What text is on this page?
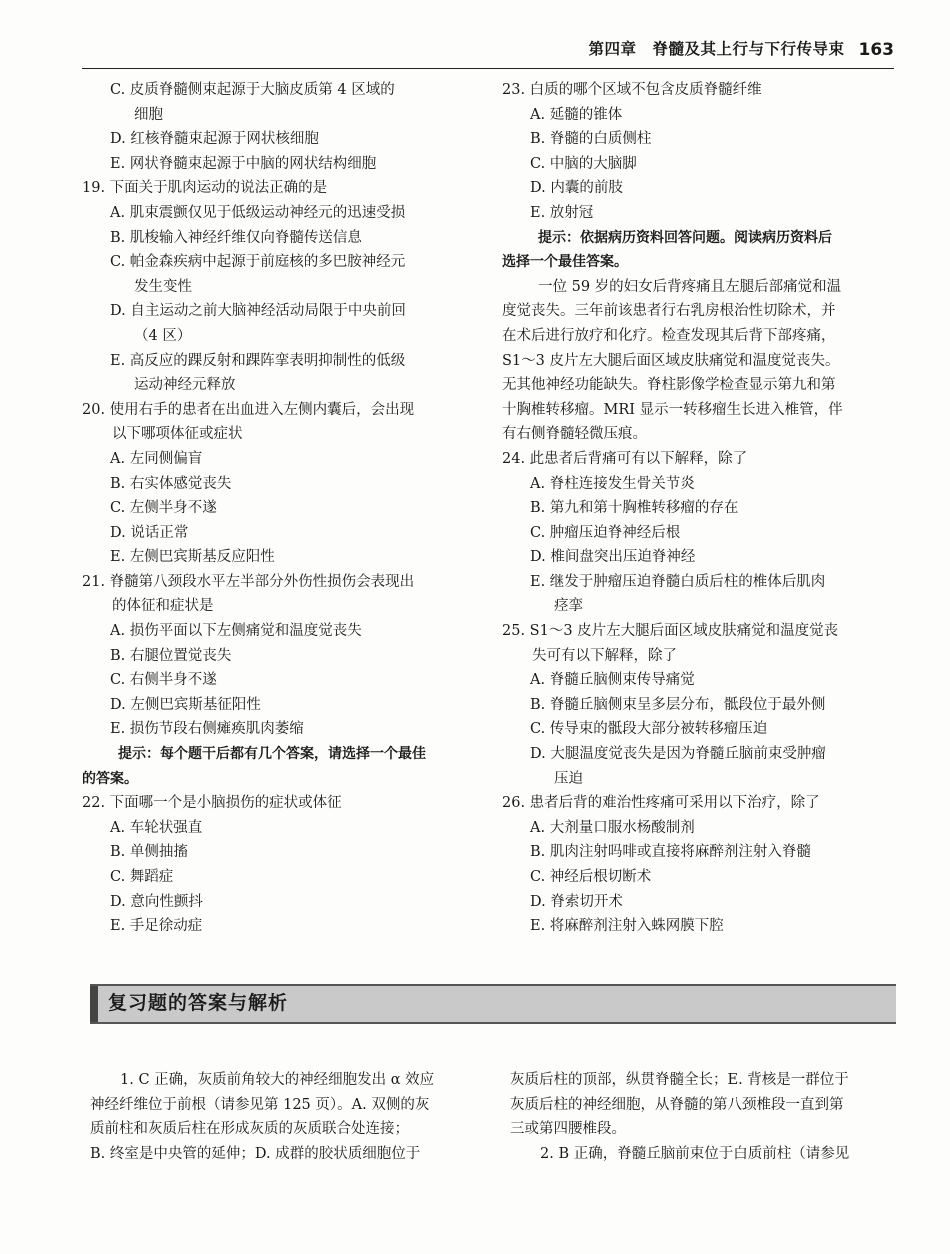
第四章　脊髓及其上行与下行传导束 163
C. 皮质脊髓侧束起源于大脑皮质第 4 区域的
细胞
D. 红核脊髓束起源于网状核细胞
E. 网状脊髓束起源于中脑的网状结构细胞
19. 下面关于肌肉运动的说法正确的是
A. 肌束震颤仅见于低级运动神经元的迅速受损
B. 肌梭输入神经纤维仅向脊髓传送信息
C. 帕金森疾病中起源于前庭核的多巴胺神经元
发生变性
D. 自主运动之前大脑神经活动局限于中央前回
（4 区）
E. 高反应的踝反射和踝阵挛表明抑制性的低级
运动神经元释放
20. 使用右手的患者在出血进入左侧内囊后，会出现
以下哪项体征或症状
A. 左同侧偏盲
B. 右实体感觉丧失
C. 左侧半身不遂
D. 说话正常
E. 左侧巴宾斯基反应阳性
21. 脊髓第八颈段水平左半部分外伤性损伤会表现出
的体征和症状是
A. 损伤平面以下左侧痛觉和温度觉丧失
B. 右腿位置觉丧失
C. 右侧半身不遂
D. 左侧巴宾斯基征阳性
E. 损伤节段右侧瘫痪肌肉萎缩
提示：每个题干后都有几个答案，请选择一个最佳
的答案。
22. 下面哪一个是小脑损伤的症状或体征
A. 车轮状强直
B. 单侧抽搐
C. 舞蹈症
D. 意向性颤抖
E. 手足徐动症
23. 白质的哪个区域不包含皮质脊髓纤维
A. 延髓的锥体
B. 脊髓的白质侧柱
C. 中脑的大脑脚
D. 内囊的前肢
E. 放射冠
提示：依据病历资料回答问题。阅读病历资料后
选择一个最佳答案。
一位 59 岁的妇女后背疼痛且左腿后部痛觉和温
度觉丧失。三年前该患者行右乳房根治性切除术，并
在术后进行放疗和化疗。检查发现其后背下部疼痛，
S1～3 皮片左大腿后面区域皮肤痛觉和温度觉丧失。
无其他神经功能缺失。脊柱影像学检查显示第九和第
十胸椎转移瘤。MRI 显示一转移瘤生长进入椎管，伴
有右侧脊髓轻微压痕。
24. 此患者后背痛可有以下解释，除了
A. 脊柱连接发生骨关节炎
B. 第九和第十胸椎转移瘤的存在
C. 肿瘤压迫脊神经后根
D. 椎间盘突出压迫脊神经
E. 继发于肿瘤压迫脊髓白质后柱的椎体后肌肉
痉挛
25. S1～3 皮片左大腿后面区域皮肤痛觉和温度觉丧
失可有以下解释，除了
A. 脊髓丘脑侧束传导痛觉
B. 脊髓丘脑侧束呈多层分布，骶段位于最外侧
C. 传导束的骶段大部分被转移瘤压迫
D. 大腿温度觉丧失是因为脊髓丘脑前束受肿瘤
压迫
26. 患者后背的难治性疼痛可采用以下治疗，除了
A. 大剂量口服水杨酸制剂
B. 肌肉注射吗啡或直接将麻醉剂注射入脊髓
C. 神经后根切断术
D. 脊索切开术
E. 将麻醉剂注射入蛛网膜下腔
复习题的答案与解析
1. C 正确，灰质前角较大的神经细胞发出 α 效应
神经纤维位于前根（请参见第 125 页）。A. 双侧的灰
质前柱和灰质后柱在形成灰质的灰质联合处连接；
B. 终室是中央管的延伸；D. 成群的胶状质细胞位于
灰质后柱的顶部，纵贯脊髓全长；E. 背核是一群位于
灰质后柱的神经细胞，从脊髓的第八颈椎段一直到第
三或第四腰椎段。
2. B 正确，脊髓丘脑前束位于白质前柱（请参见
